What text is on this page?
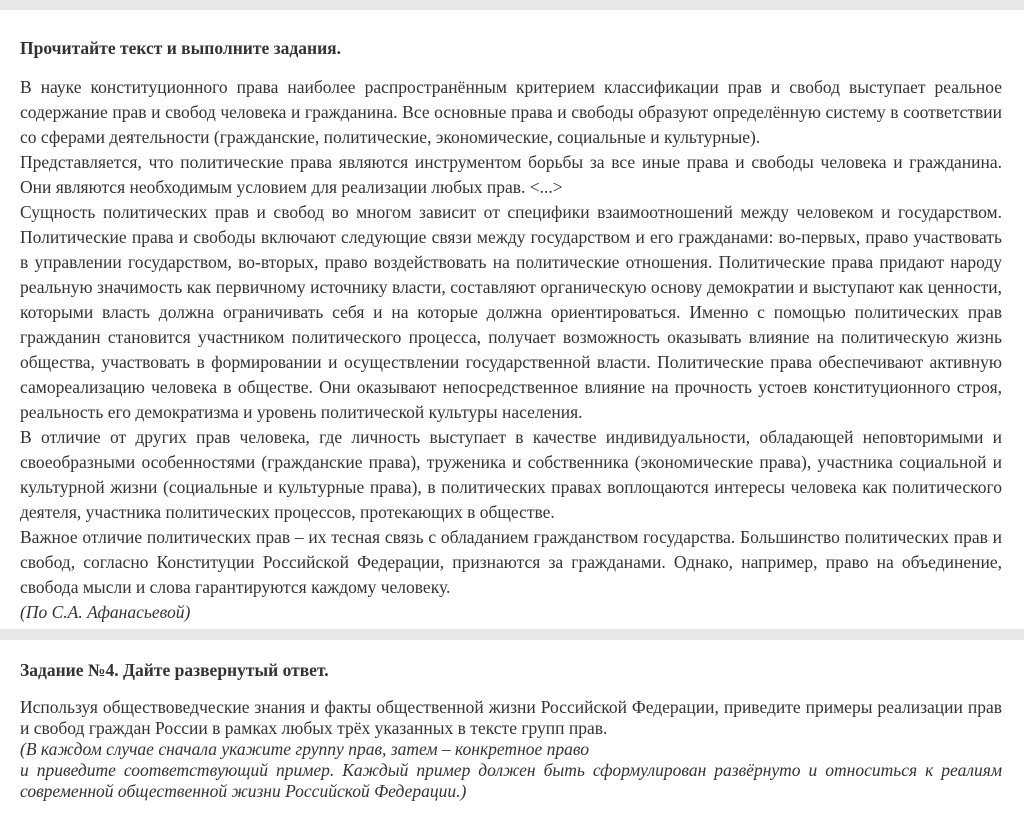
Прочитайте текст и выполните задания.

В науке конституционного права наиболее распространённым критерием классификации прав и свобод выступает реальное содержание прав и свобод человека и гражданина. Все основные права и свободы образуют определённую систему в соответствии со сферами деятельности (гражданские, политические, экономические, социальные и культурные).

Представляется, что политические права являются инструментом борьбы за все иные права и свободы человека и гражданина. Они являются необходимым условием для реализации любых прав. <...>

Сущность политических прав и свобод во многом зависит от специфики взаимоотношений между человеком и государством. Политические права и свободы включают следующие связи между государством и его гражданами: во-первых, право участвовать в управлении государством, во-вторых, право воздействовать на политические отношения. Политические права придают народу реальную значимость как первичному источнику власти, составляют органическую основу демократии и выступают как ценности, которыми власть должна ограничивать себя и на которые должна ориентироваться. Именно с помощью политических прав гражданин становится участником политического процесса, получает возможность оказывать влияние на политическую жизнь общества, участвовать в формировании и осуществлении государственной власти. Политические права обеспечивают активную самореализацию человека в обществе. Они оказывают непосредственное влияние на прочность устоев конституционного строя, реальность его демократизма и уровень политической культуры населения.

В отличие от других прав человека, где личность выступает в качестве индивидуальности, обладающей неповторимыми и своеобразными особенностями (гражданские права), труженика и собственника (экономические права), участника социальной и культурной жизни (социальные и культурные права), в политических правах воплощаются интересы человека как политического деятеля, участника политических процессов, протекающих в обществе.

Важное отличие политических прав – их тесная связь с обладанием гражданством государства. Большинство политических прав и свобод, согласно Конституции Российской Федерации, признаются за гражданами. Однако, например, право на объединение, свобода мысли и слова гарантируются каждому человеку.

(По С.А. Афанасьевой)

Задание №4. Дайте развернутый ответ.

Используя обществоведческие знания и факты общественной жизни Российской Федерации, приведите примеры реализации прав и свобод граждан России в рамках любых трёх указанных в тексте групп прав.

(В каждом случае сначала укажите группу прав, затем – конкретное право
и приведите соответствующий пример. Каждый пример должен быть сформулирован развёрнуто и относиться к реалиям современной общественной жизни Российской Федерации.)
